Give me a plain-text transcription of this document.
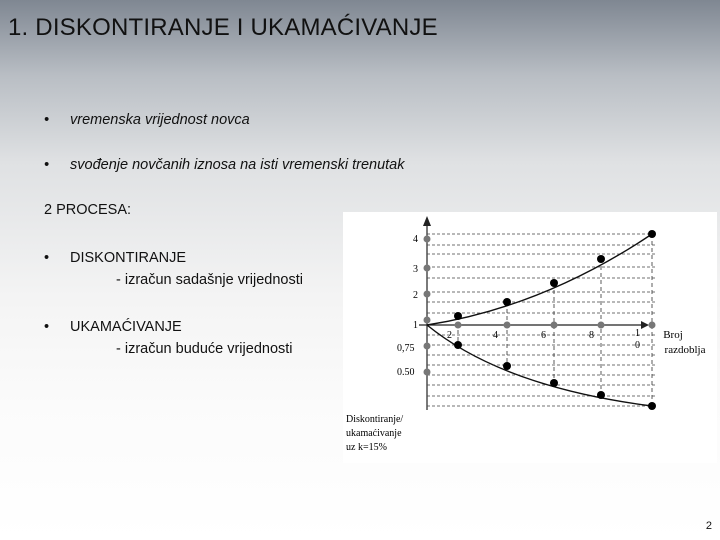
1. DISKONTIRANJE I UKAMAĆIVANJE
• vremenska vrijednost novca
• svođenje novčanih iznosa na isti vremenski trenutak
2 PROCESA:
• DISKONTIRANJE
- izračun sadašnje vrijednosti
• UKAMAĆIVANJE
- izračun buduće vrijednosti
4
3
2
1
0,75
0.50
2	4	6	8	1
0
Broj
razdoblja
Diskontiranje/
ukamaćivanje
uz k=15%
2
